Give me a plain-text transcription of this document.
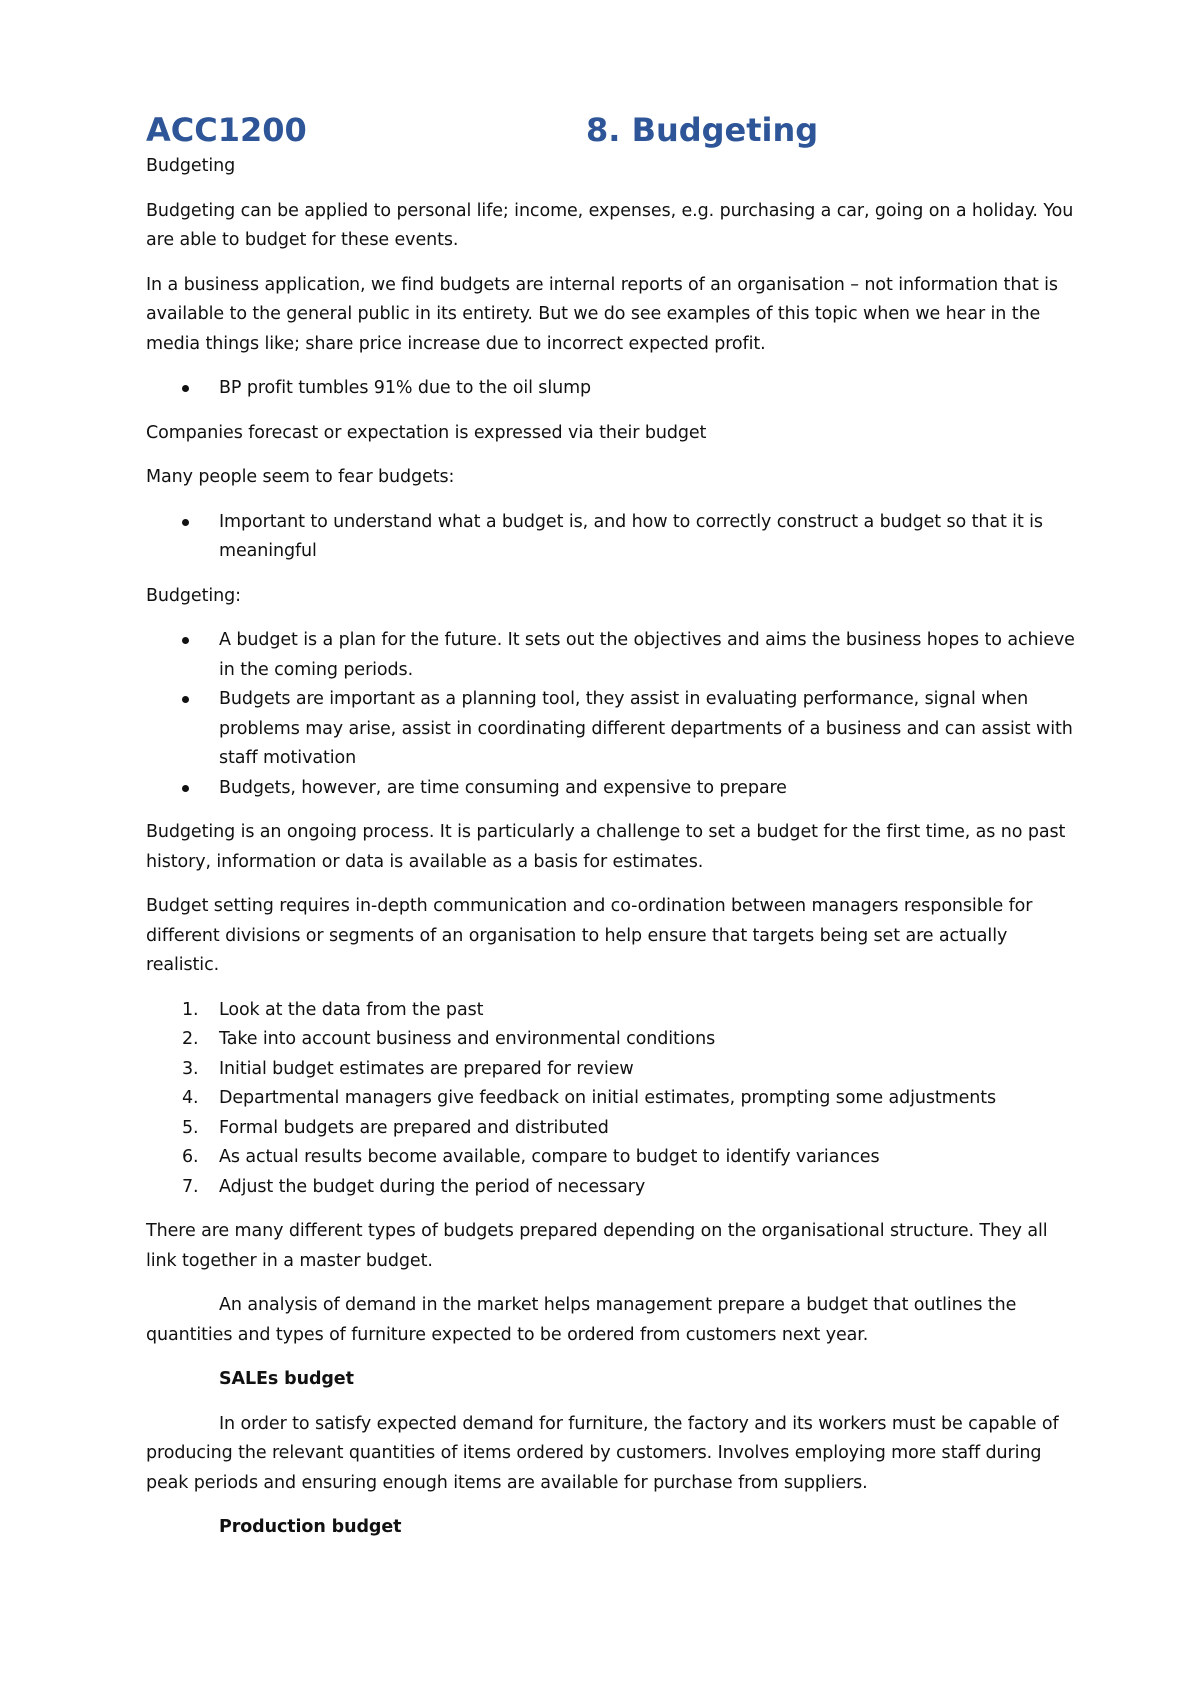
ACC1200	8. Budgeting

Budgeting

Budgeting can be applied to personal life; income, expenses, e.g. purchasing a car, going on a holiday. You are able to budget for these events.

In a business application, we find budgets are internal reports of an organisation – not information that is available to the general public in its entirety. But we do see examples of this topic when we hear in the media things like; share price increase due to incorrect expected profit.

BP profit tumbles 91% due to the oil slump

Companies forecast or expectation is expressed via their budget

Many people seem to fear budgets:

Important to understand what a budget is, and how to correctly construct a budget so that it is meaningful

Budgeting:

A budget is a plan for the future. It sets out the objectives and aims the business hopes to achieve in the coming periods.
Budgets are important as a planning tool, they assist in evaluating performance, signal when problems may arise, assist in coordinating different departments of a business and can assist with staff motivation
Budgets, however, are time consuming and expensive to prepare

Budgeting is an ongoing process. It is particularly a challenge to set a budget for the first time, as no past history, information or data is available as a basis for estimates.

Budget setting requires in-depth communication and co-ordination between managers responsible for different divisions or segments of an organisation to help ensure that targets being set are actually realistic.

1. Look at the data from the past
2. Take into account business and environmental conditions
3. Initial budget estimates are prepared for review
4. Departmental managers give feedback on initial estimates, prompting some adjustments
5. Formal budgets are prepared and distributed
6. As actual results become available, compare to budget to identify variances
7. Adjust the budget during the period of necessary

There are many different types of budgets prepared depending on the organisational structure. They all link together in a master budget.

An analysis of demand in the market helps management prepare a budget that outlines the quantities and types of furniture expected to be ordered from customers next year.

SALEs budget

In order to satisfy expected demand for furniture, the factory and its workers must be capable of producing the relevant quantities of items ordered by customers. Involves employing more staff during peak periods and ensuring enough items are available for purchase from suppliers.

Production budget
